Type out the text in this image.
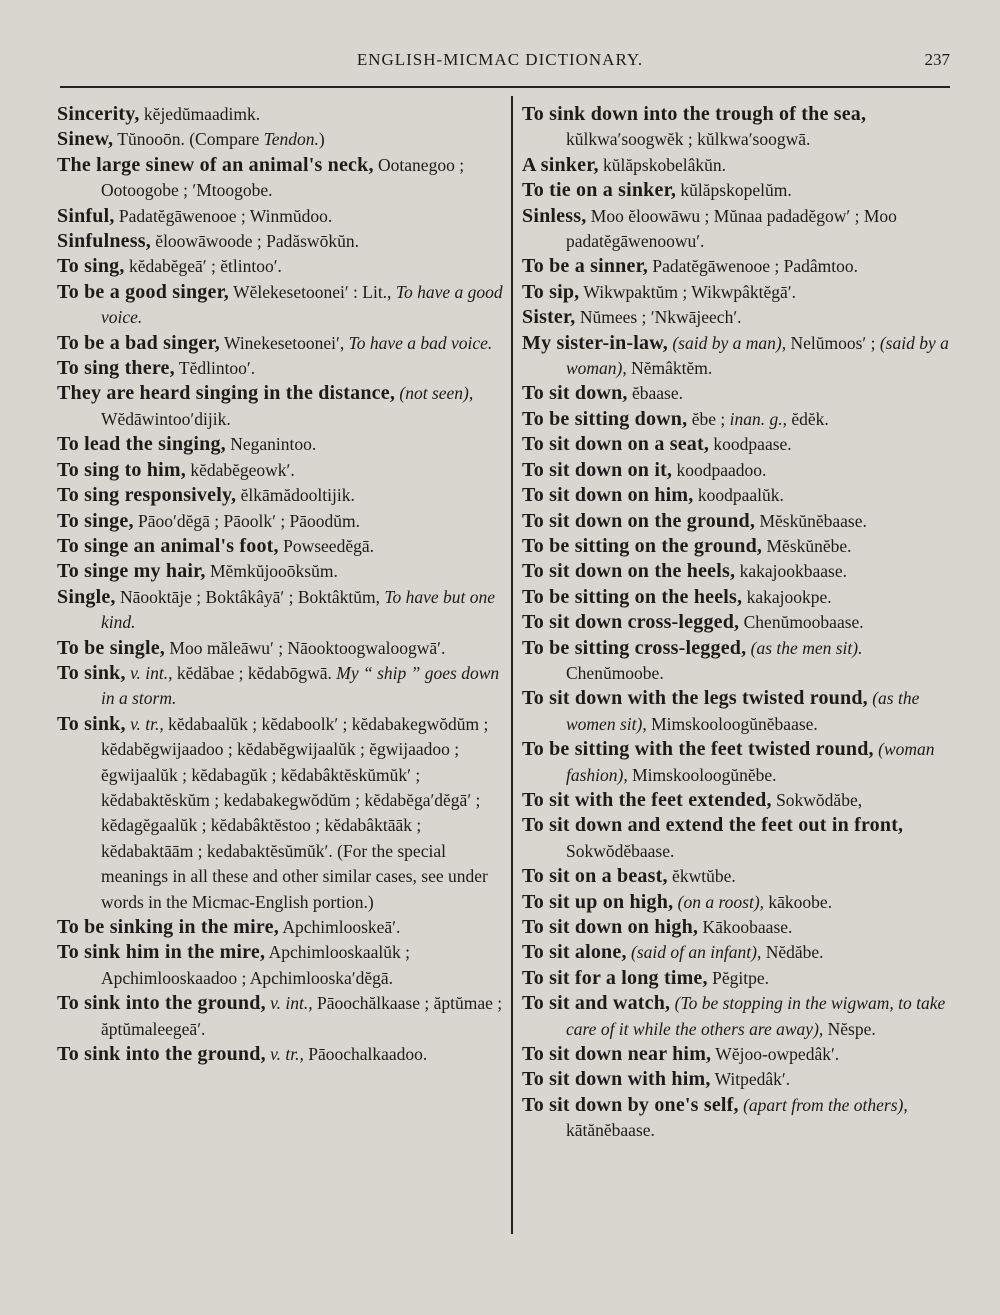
ENGLISH-MICMAC DICTIONARY.	237

Sincerity, kĕjedŭmaadimk.

Sinew, Tŭnooōn. (Compare Tendon.)

The large sinew of an animal's neck, Ootanegoo ; Ootoogobe ; ʹMtoogobe.

Sinful, Padatĕgāwenooe ; Winmŭdoo.

Sinfulness, ĕloowāwoode ; Padăswōkŭn.

To sing, kĕdabĕgeāʹ ; ĕtlintooʹ.

To be a good singer, Wĕlekesetooneiʹ : Lit., To have a good voice.

To be a bad singer, Winekesetooneiʹ, To have a bad voice.

To sing there, Tĕdlintooʹ.

They are heard singing in the distance, (not seen), Wĕdāwintooʹdijik.

To lead the singing, Neganintoo.

To sing to him, kĕdabĕgeowkʹ.

To sing responsively, ĕlkāmădooltijik.

To singe, Pāooʹdĕgā ; Pāoolkʹ ; Pāoodŭm.

To singe an animal's foot, Powseedĕgā.

To singe my hair, Mĕmkŭjooōksŭm.

Single, Nāooktāje ; Boktâkâyāʹ ; Boktâktŭm, To have but one kind.

To be single, Moo măleāwuʹ ; Nāooktoogwaloogwāʹ.

To sink, v. int., kĕdăbae ; kĕdabōgwā. My “ ship ” goes down in a storm.

To sink, v. tr., kĕdabaalŭk ; kĕdaboolkʹ ; kĕdabakegwŏdŭm ; kĕdabĕgwijaadoo ; kĕdabĕgwijaalŭk ; ĕgwijaadoo ; ĕgwijaalŭk ; kĕdabagŭk ; kĕdabâktĕskŭmŭkʹ ; kĕdabaktĕskŭm ; kedabakegwŏdŭm ; kĕdabĕgaʹdĕgāʹ ; kĕdagĕgaalŭk ; kĕdabâktĕstoo ; kĕdabâktāāk ; kĕdabaktāām ; kedabaktĕsŭmŭkʹ. (For the special meanings in all these and other similar cases, see under words in the Micmac-English portion.)

To be sinking in the mire, Apchimlooskeāʹ.

To sink him in the mire, Apchimlooskaalŭk ; Apchimlooskaadoo ; Apchimlooskaʹdĕgā.

To sink into the ground, v. int., Pāoochălkaase ; ăptŭmae ; ăptŭmaleegeāʹ.

To sink into the ground, v. tr., Pāoochalkaadoo.

To sink down into the trough of the sea, kŭlkwaʹsoogwĕk ; kŭlkwaʹsoogwā.

A sinker, kŭlăpskobelâkŭn.

To tie on a sinker, kŭlăpskopelŭm.

Sinless, Moo ĕloowāwu ; Mŭnaa padadĕgowʹ ; Moo padatĕgāwenoowuʹ.

To be a sinner, Padatĕgāwenooe ; Padâmtoo.

To sip, Wikwpaktŭm ; Wikwpâktĕgāʹ.

Sister, Nŭmees ; ʹNkwājeechʹ.

My sister-in-law, (said by a man), Nelŭmoosʹ ; (said by a woman), Nĕmâktĕm.

To sit down, ĕbaase.

To be sitting down, ĕbe ; inan. g., ĕdĕk.

To sit down on a seat, koodpaase.

To sit down on it, koodpaadoo.

To sit down on him, koodpaalŭk.

To sit down on the ground, Mĕskŭnĕbaase.

To be sitting on the ground, Mĕskŭnĕbe.

To sit down on the heels, kakajookbaase.

To be sitting on the heels, kakajookpe.

To sit down cross-legged, Chenŭmoobaase.

To be sitting cross-legged, (as the men sit). Chenŭmoobe.

To sit down with the legs twisted round, (as the women sit), Mimskooloogŭnĕbaase.

To be sitting with the feet twisted round, (woman fashion), Mimskooloogŭnĕbe.

To sit with the feet extended, Sokwŏdăbe,

To sit down and extend the feet out in front, Sokwŏdĕbaase.

To sit on a beast, ĕkwtŭbe.

To sit up on high, (on a roost), kākoobe.

To sit down on high, Kākoobaase.

To sit alone, (said of an infant), Nĕdăbe.

To sit for a long time, Pĕgitpe.

To sit and watch, (To be stopping in the wigwam, to take care of it while the others are away), Nĕspe.

To sit down near him, Wĕjoo-owpedâkʹ.

To sit down with him, Witpedâkʹ.

To sit down by one's self, (apart from the others), kātănĕbaase.
